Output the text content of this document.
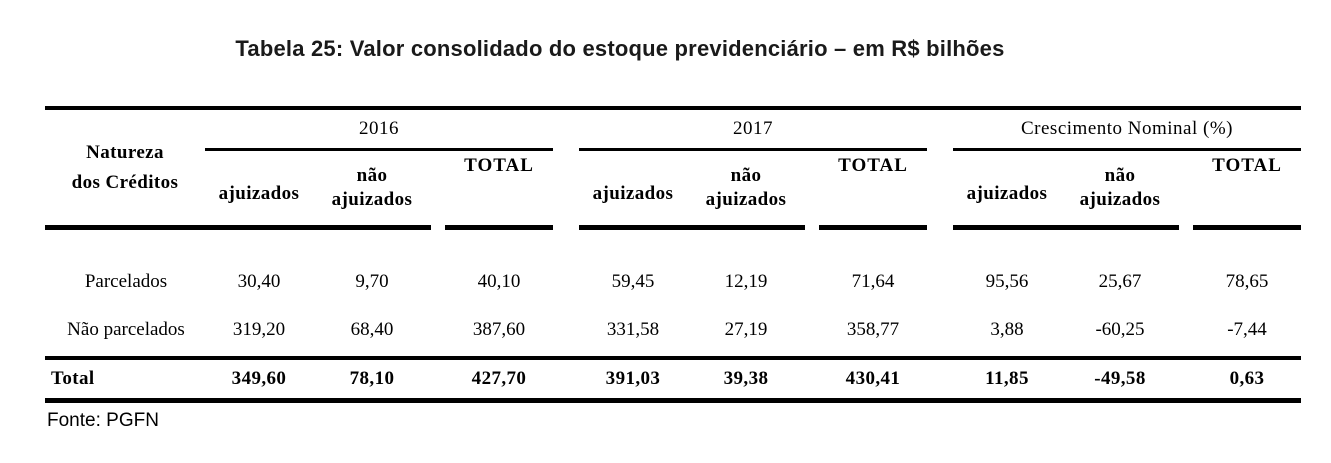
Tabela 25: Valor consolidado do estoque previdenciário – em R$ bilhões
Natureza
dos Créditos	2016					2017					Crescimento Nominal (%)			
	ajuizados	não ajuizados		TOTAL		ajuizados	não ajuizados		TOTAL		ajuizados	não ajuizados		TOTAL
Parcelados	30,40	9,70		40,10		59,45	12,19		71,64		95,56	25,67		78,65
Não parcelados	319,20	68,40		387,60		331,58	27,19		358,77		3,88	-60,25		-7,44
Total	349,60	78,10		427,70		391,03	39,38		430,41		11,85	-49,58		0,63
Fonte: PGFN
